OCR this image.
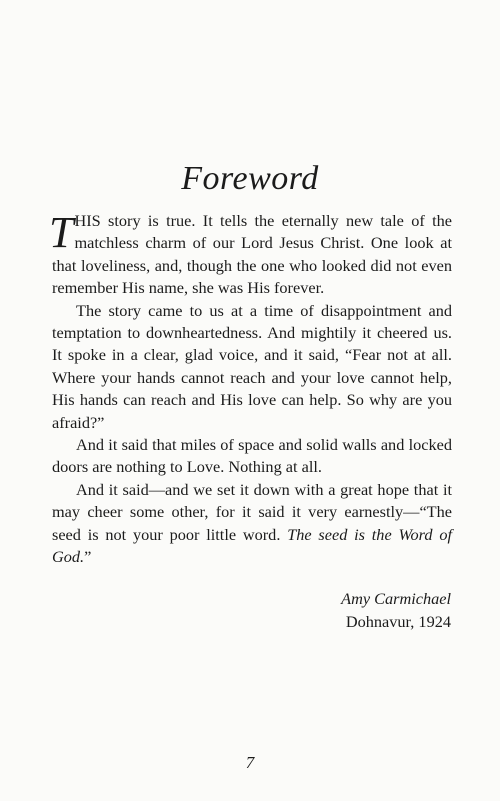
Foreword

THIS story is true. It tells the eternally new tale of the matchless charm of our Lord Jesus Christ. One look at that loveliness, and, though the one who looked did not even remember His name, she was His forever.

The story came to us at a time of disappointment and temptation to downheartedness. And mightily it cheered us. It spoke in a clear, glad voice, and it said, “Fear not at all. Where your hands cannot reach and your love cannot help, His hands can reach and His love can help. So why are you afraid?”

And it said that miles of space and solid walls and locked doors are nothing to Love. Nothing at all.

And it said—and we set it down with a great hope that it may cheer some other, for it said it very earnestly—“The seed is not your poor little word. The seed is the Word of God.”

Amy Carmichael
Dohnavur, 1924
7
